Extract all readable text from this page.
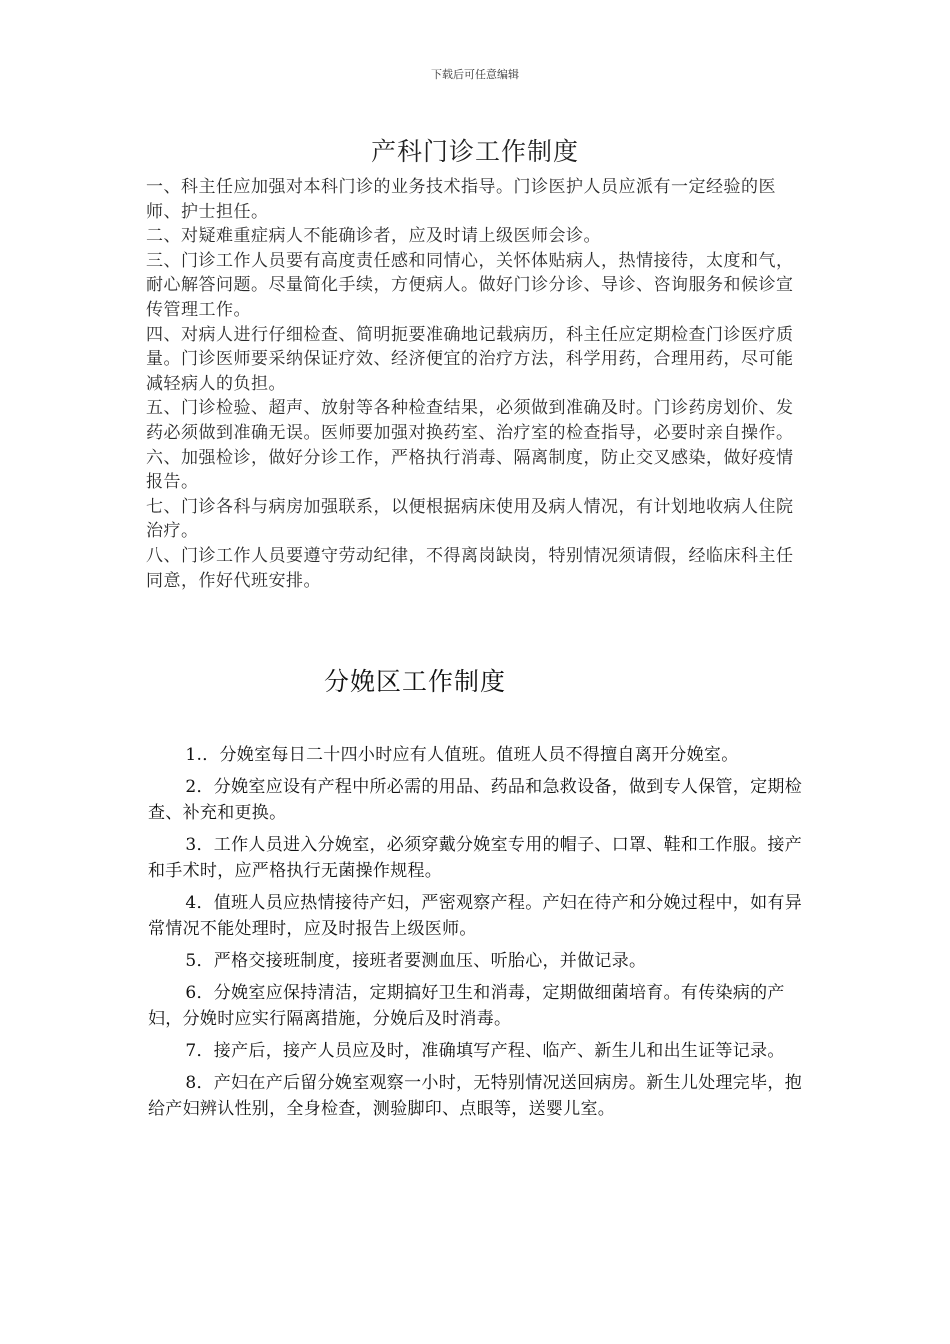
下载后可任意编辑
产科门诊工作制度

一、科主任应加强对本科门诊的业务技术指导。门诊医护人员应派有一定经验的医师、护士担任。

二、对疑难重症病人不能确诊者，应及时请上级医师会诊。

三、门诊工作人员要有高度责任感和同情心，关怀体贴病人，热情接待，太度和气，耐心解答问题。尽量简化手续，方便病人。做好门诊分诊、导诊、咨询服务和候诊宣传管理工作。

四、对病人进行仔细检查、简明扼要准确地记载病历，科主任应定期检查门诊医疗质量。门诊医师要采纳保证疗效、经济便宜的治疗方法，科学用药，合理用药，尽可能减轻病人的负担。

五、门诊检验、超声、放射等各种检查结果，必须做到准确及时。门诊药房划价、发药必须做到准确无误。医师要加强对换药室、治疗室的检查指导，必要时亲自操作。

六、加强检诊，做好分诊工作，严格执行消毒、隔离制度，防止交叉感染，做好疫情报告。

七、门诊各科与病房加强联系，以便根据病床使用及病人情况，有计划地收病人住院治疗。

八、门诊工作人员要遵守劳动纪律，不得离岗缺岗，特别情况须请假，经临床科主任同意，作好代班安排。

分娩区工作制度

1.．分娩室每日二十四小时应有人值班。值班人员不得擅自离开分娩室。

2．分娩室应设有产程中所必需的用品、药品和急救设备，做到专人保管，定期检查、补充和更换。

3．工作人员进入分娩室，必须穿戴分娩室专用的帽子、口罩、鞋和工作服。接产和手术时，应严格执行无菌操作规程。

4．值班人员应热情接待产妇，严密观察产程。产妇在待产和分娩过程中，如有异常情况不能处理时，应及时报告上级医师。

5．严格交接班制度，接班者要测血压、听胎心，并做记录。

6．分娩室应保持清洁，定期搞好卫生和消毒，定期做细菌培育。有传染病的产妇，分娩时应实行隔离措施，分娩后及时消毒。

7．接产后，接产人员应及时，准确填写产程、临产、新生儿和出生证等记录。

8．产妇在产后留分娩室观察一小时，无特别情况送回病房。新生儿处理完毕，抱给产妇辨认性别，全身检查，测验脚印、点眼等，送婴儿室。
